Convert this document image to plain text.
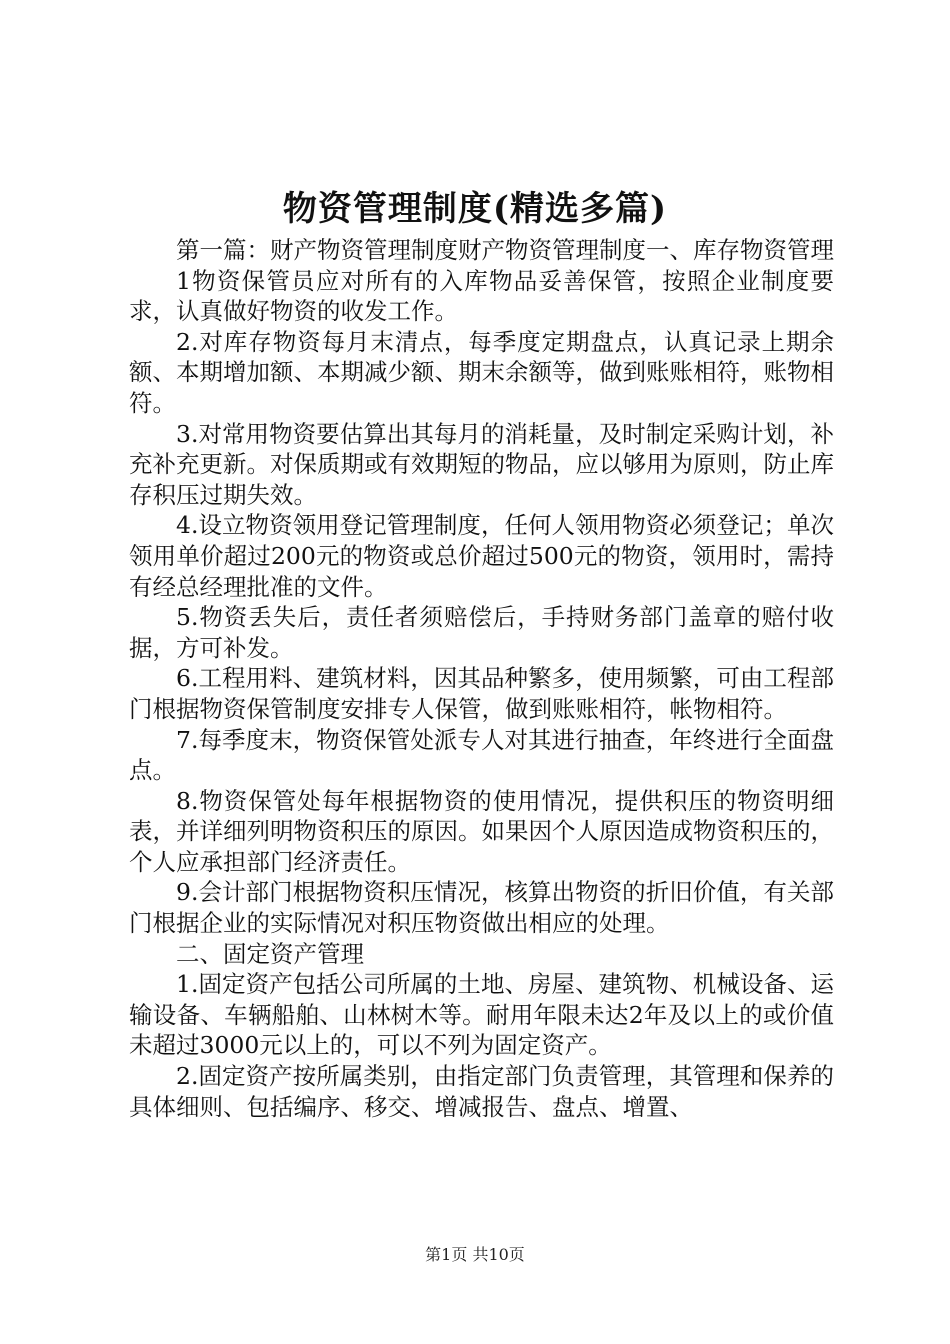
物资管理制度(精选多篇)

第一篇：财产物资管理制度财产物资管理制度一、库存物资管理

1物资保管员应对所有的入库物品妥善保管，按照企业制度要求，认真做好物资的收发工作。

2.对库存物资每月末清点，每季度定期盘点，认真记录上期余额、本期增加额、本期减少额、期末余额等，做到账账相符，账物相符。

3.对常用物资要估算出其每月的消耗量，及时制定采购计划，补充补充更新。对保质期或有效期短的物品，应以够用为原则，防止库存积压过期失效。

4.设立物资领用登记管理制度，任何人领用物资必须登记；单次领用单价超过200元的物资或总价超过500元的物资，领用时，需持有经总经理批准的文件。

5.物资丢失后，责任者须赔偿后，手持财务部门盖章的赔付收据，方可补发。

6.工程用料、建筑材料，因其品种繁多，使用频繁，可由工程部门根据物资保管制度安排专人保管，做到账账相符，帐物相符。

7.每季度末，物资保管处派专人对其进行抽查，年终进行全面盘点。

8.物资保管处每年根据物资的使用情况，提供积压的物资明细表，并详细列明物资积压的原因。如果因个人原因造成物资积压的，个人应承担部门经济责任。

9.会计部门根据物资积压情况，核算出物资的折旧价值，有关部门根据企业的实际情况对积压物资做出相应的处理。

二、固定资产管理

1.固定资产包括公司所属的土地、房屋、建筑物、机械设备、运输设备、车辆船舶、山林树木等。耐用年限未达2年及以上的或价值未超过3000元以上的，可以不列为固定资产。

2.固定资产按所属类别，由指定部门负责管理，其管理和保养的具体细则、包括编序、移交、增减报告、盘点、增置、

第1页 共10页
